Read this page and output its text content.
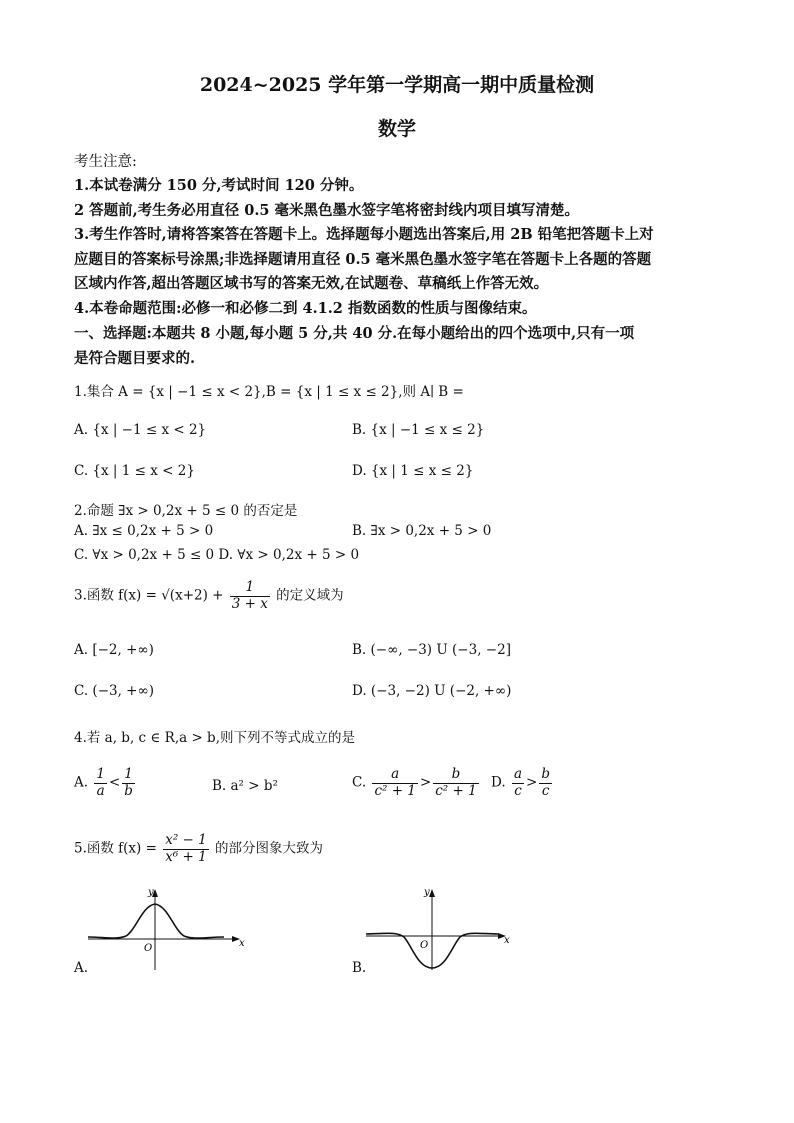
2024~2025 学年第一学期高一期中质量检测
数学
考生注意:
1.本试卷满分 150 分,考试时间 120 分钟。
2 答题前,考生务必用直径 0.5 毫米黑色墨水签字笔将密封线内项目填写清楚。
3.考生作答时,请将答案答在答题卡上。选择题每小题选出答案后,用 2B 铅笔把答题卡上对
应题目的答案标号涂黑;非选择题请用直径 0.5 毫米黑色墨水签字笔在答题卡上各题的答题
区域内作答,超出答题区域书写的答案无效,在试题卷、草稿纸上作答无效。
4.本卷命题范围:必修一和必修二到 4.1.2 指数函数的性质与图像结束。
一、选择题:本题共 8 小题,每小题 5 分,共 40 分.在每小题给出的四个选项中,只有一项
是符合题目要求的.
1.集合 A = {x | −1 ≤ x < 2},B = {x | 1 ≤ x ≤ 2},则 A∣ B =
A. {x | −1 ≤ x < 2}	B. {x | −1 ≤ x ≤ 2}
C. {x | 1 ≤ x < 2}	D. {x | 1 ≤ x ≤ 2}
2.命题 ∃x > 0,2x + 5 ≤ 0 的否定是
A. ∃x ≤ 0,2x + 5 > 0	B. ∃x > 0,2x + 5 > 0
C. ∀x > 0,2x + 5 ≤ 0 D. ∀x > 0,2x + 5 > 0
3.函数 $f(x) = √(x+2) + \frac{1}{3 + x}$ 的定义域为
A. [−2, +∞)	B. (−∞, −3) U (−3, −2]
C. (−3, +∞)	D. (−3, −2) U (−2, +∞)
4.若 a, b, c ∈ R,a > b,则下列不等式成立的是
A. $\frac{1}{a} < \frac{1}{b}$	B. a² > b²	C. $\frac{a}{\text{c² + 1}} > \frac{b}{\text{c² + 1}} D$. $\frac{a}{c} > \frac{b}{c}$
5.函数 $f(x) = \frac{\text{x² − 1}}{\text{x⁶ + 1}}$ 的部分图象大致为
x
y
O
A.
x
y
O
B.
